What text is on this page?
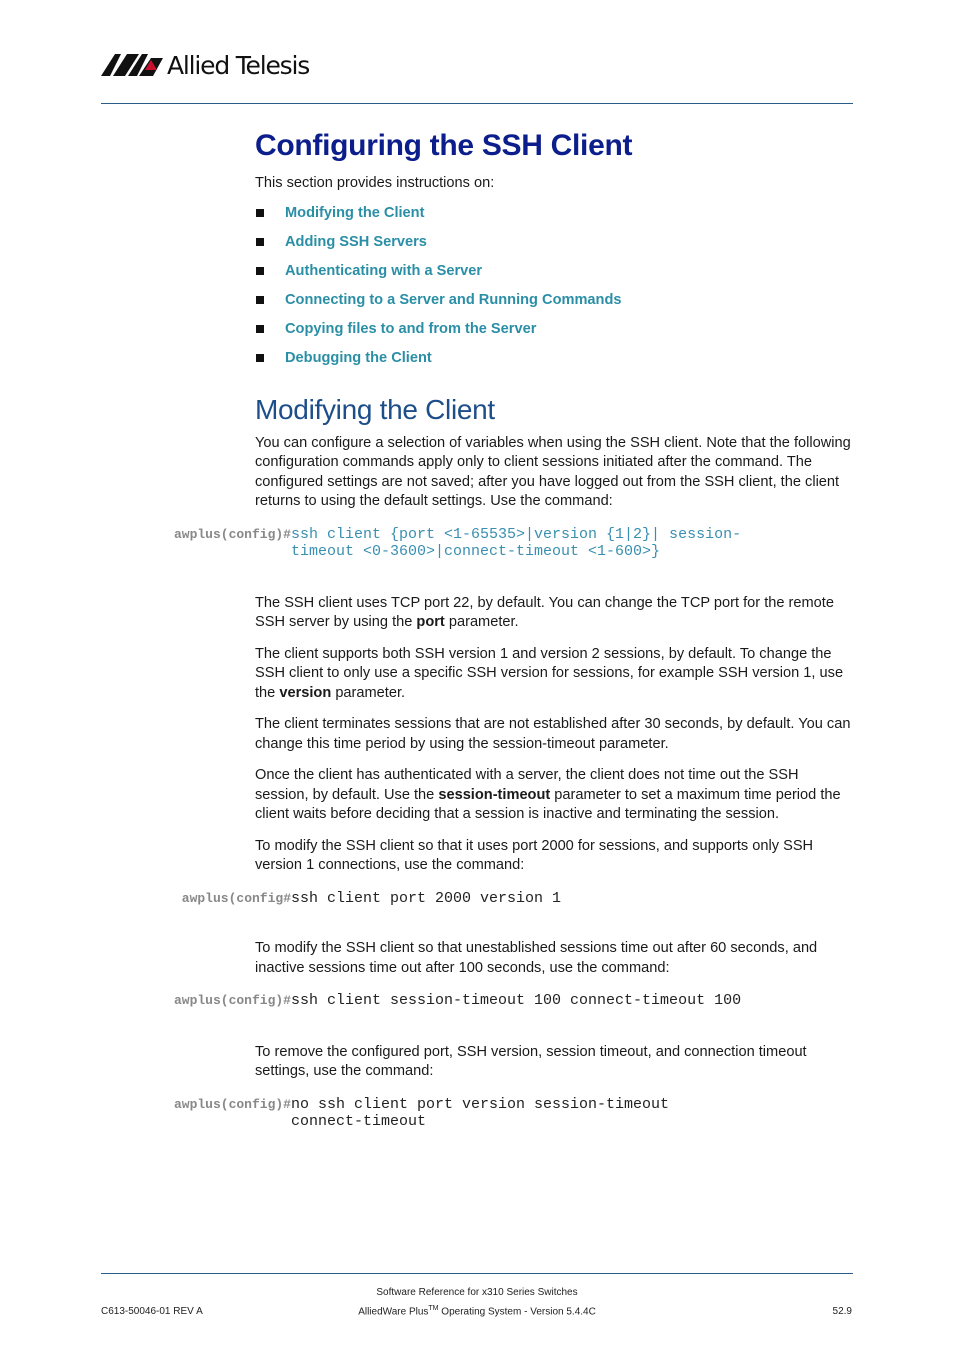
Allied Telesis
Configuring the SSH Client

This section provides instructions on:

Modifying the Client
Adding SSH Servers
Authenticating with a Server
Connecting to a Server and Running Commands
Copying files to and from the Server
Debugging the Client
Modifying the Client

You can configure a selection of variables when using the SSH client. Note that the following configuration commands apply only to client sessions initiated after the command. The configured settings are not saved; after you have logged out from the SSH client, the client returns to using the default settings. Use the command:

awplus(config)# ssh client {port <1-65535>|version {1|2}| session-timeout <0-3600>|connect-timeout <1-600>}

The SSH client uses TCP port 22, by default. You can change the TCP port for the remote SSH server by using the port parameter.

The client supports both SSH version 1 and version 2 sessions, by default. To change the SSH client to only use a specific SSH version for sessions, for example SSH version 1, use the version parameter.

The client terminates sessions that are not established after 30 seconds, by default. You can change this time period by using the session-timeout parameter.

Once the client has authenticated with a server, the client does not time out the SSH session, by default. Use the session-timeout parameter to set a maximum time period the client waits before deciding that a session is inactive and terminating the session.

To modify the SSH client so that it uses port 2000 for sessions, and supports only SSH version 1 connections, use the command:

awplus(config# ssh client port 2000 version 1

To modify the SSH client so that unestablished sessions time out after 60 seconds, and inactive sessions time out after 100 seconds, use the command:

awplus(config)# ssh client session-timeout 100 connect-timeout 100

To remove the configured port, SSH version, session timeout, and connection timeout settings, use the command:

awplus(config)# no ssh client port version session-timeout connect-timeout
Software Reference for x310 Series Switches
AlliedWare Plus™ Operating System - Version 5.4.4C
C613-50046-01 REV A	52.9
